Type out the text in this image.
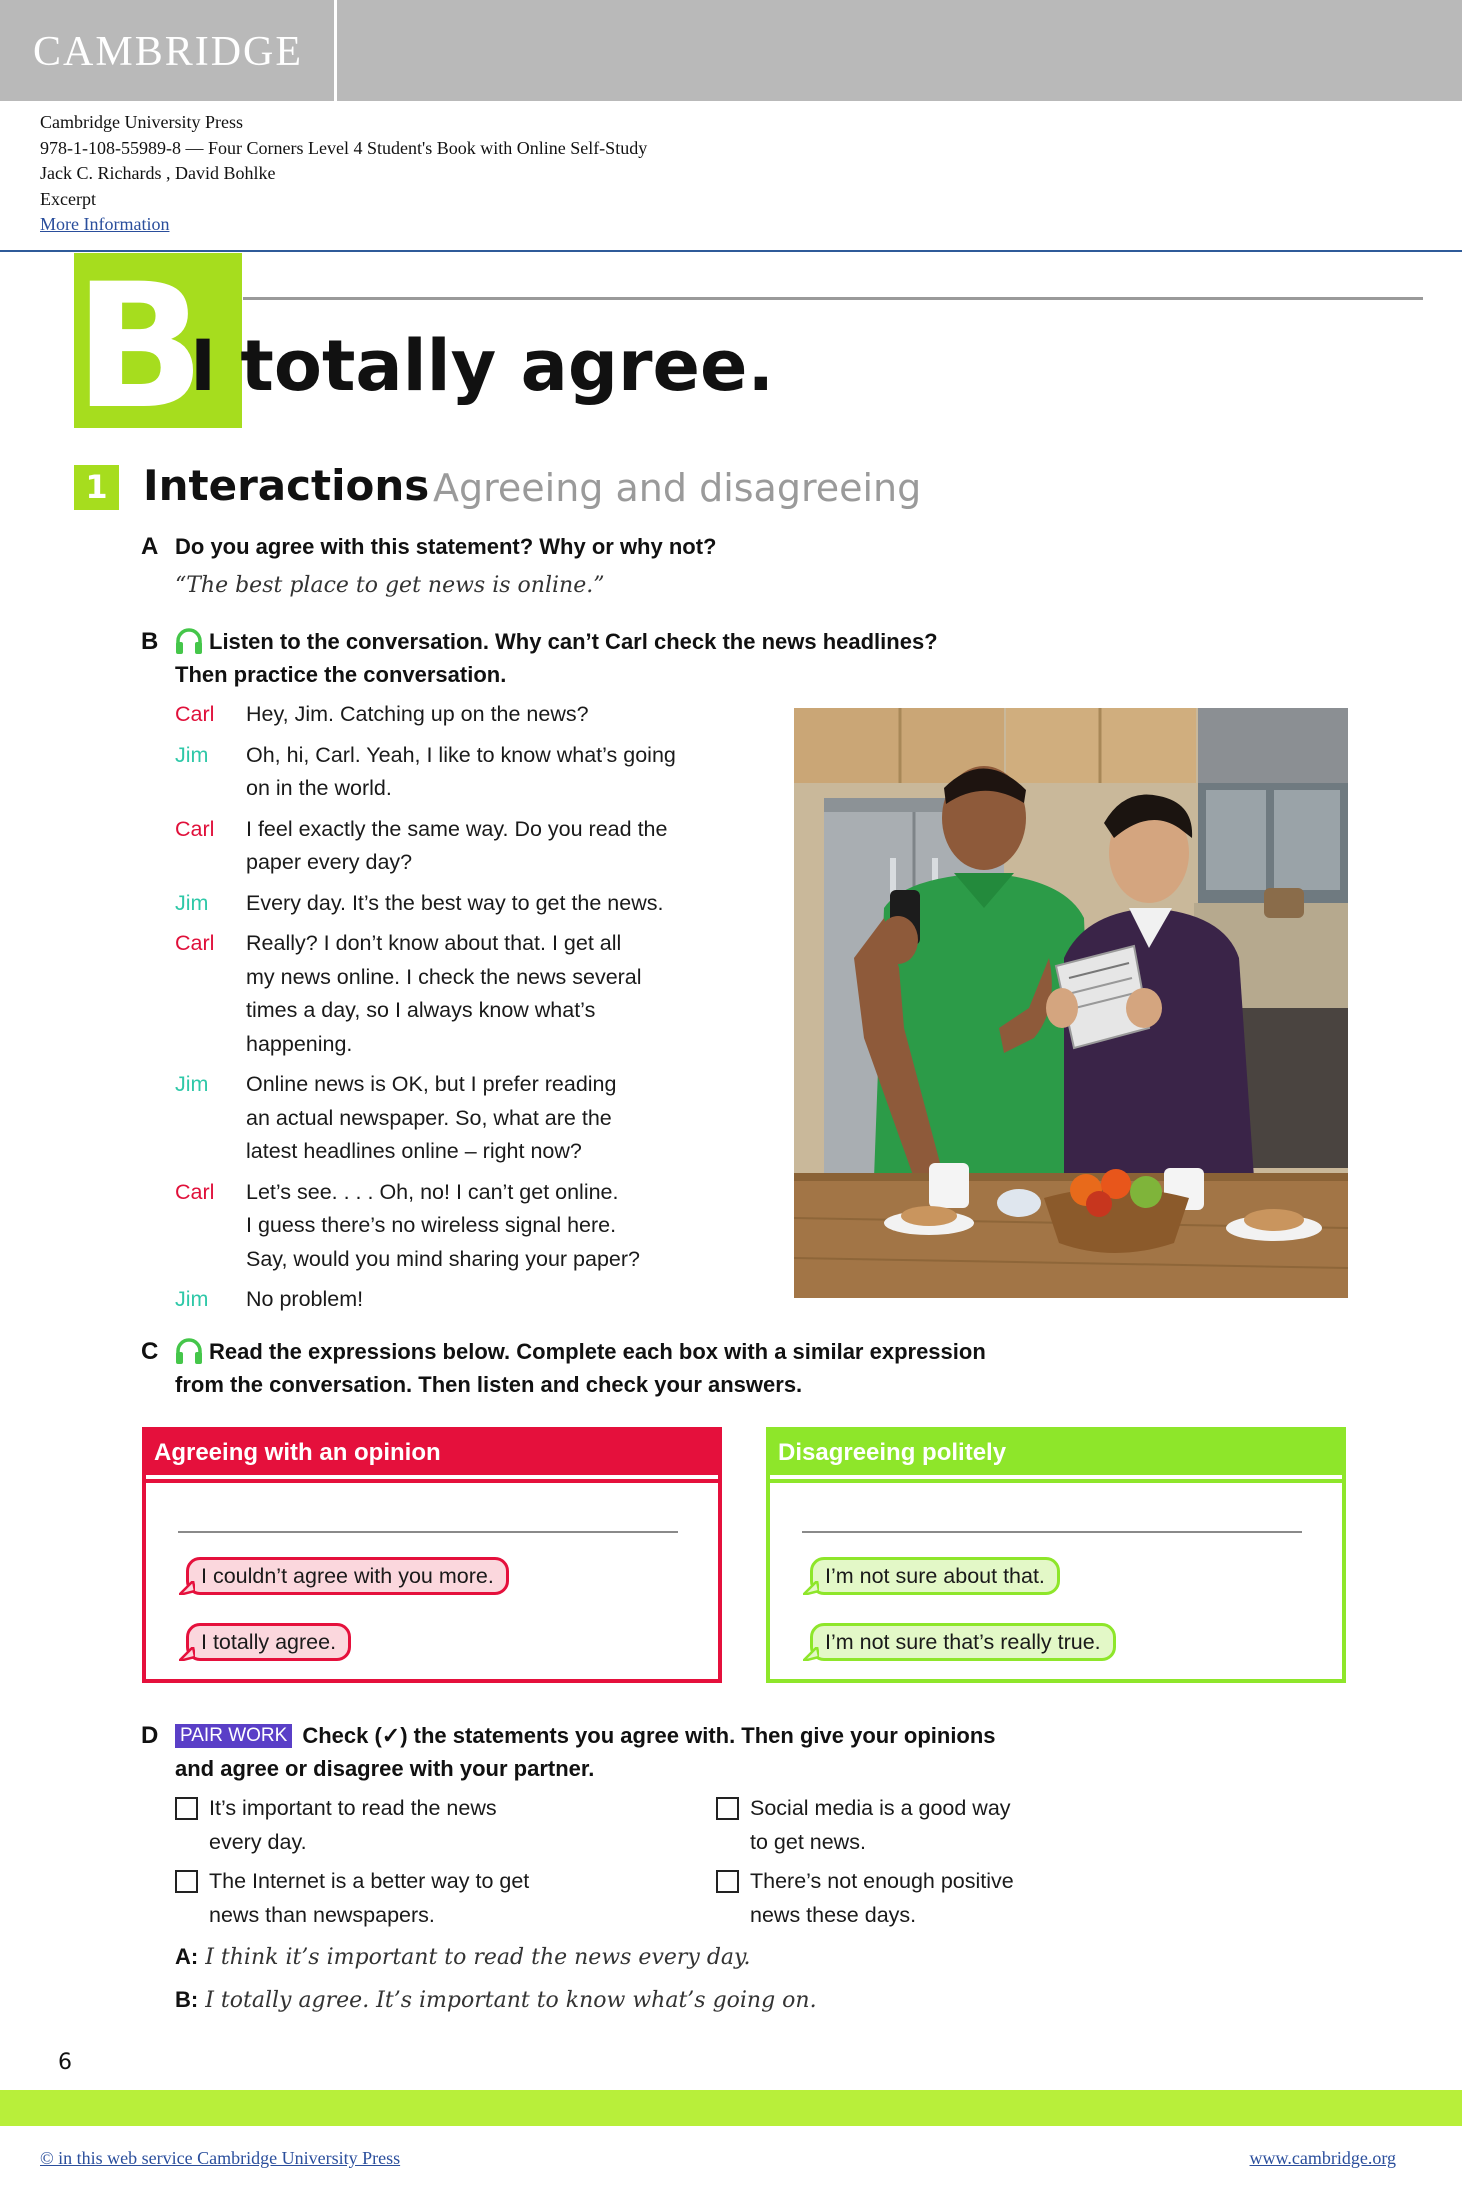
CAMBRIDGE
Cambridge University Press
978-1-108-55989-8 — Four Corners Level 4 Student's Book with Online Self-Study
Jack C. Richards , David Bohlke
Excerpt
More Information
B
I totally agree.
1 Interactions Agreeing and disagreeing
A Do you agree with this statement? Why or why not?
“The best place to get news is online.”
B Listen to the conversation. Why can’t Carl check the news headlines?
Then practice the conversation.
Carl	Hey, Jim. Catching up on the news?
Jim	Oh, hi, Carl. Yeah, I like to know what’s going
on in the world.
Carl	I feel exactly the same way. Do you read the
paper every day?
Jim	Every day. It’s the best way to get the news.
Carl	Really? I don’t know about that. I get all
my news online. I check the news several
times a day, so I always know what’s
happening.
Jim	Online news is OK, but I prefer reading
an actual newspaper. So, what are the
latest headlines online – right now?
Carl	Let’s see. . . . Oh, no! I can’t get online.
I guess there’s no wireless signal here.
Say, would you mind sharing your paper?
Jim	No problem!
C Read the expressions below. Complete each box with a similar expression
from the conversation. Then listen and check your answers.
Agreeing with an opinion
I couldn’t agree with you more.
I totally agree.
Disagreeing politely
I’m not sure about that.
I’m not sure that’s really true.
D PAIR WORK Check (✓) the statements you agree with. Then give your opinions
and agree or disagree with your partner.
It’s important to read the news
every day.
The Internet is a better way to get
news than newspapers.
Social media is a good way
to get news.
There’s not enough positive
news these days.
A: I think it’s important to read the news every day.
B: I totally agree. It’s important to know what’s going on.
6
© in this web service Cambridge University Press	www.cambridge.org
